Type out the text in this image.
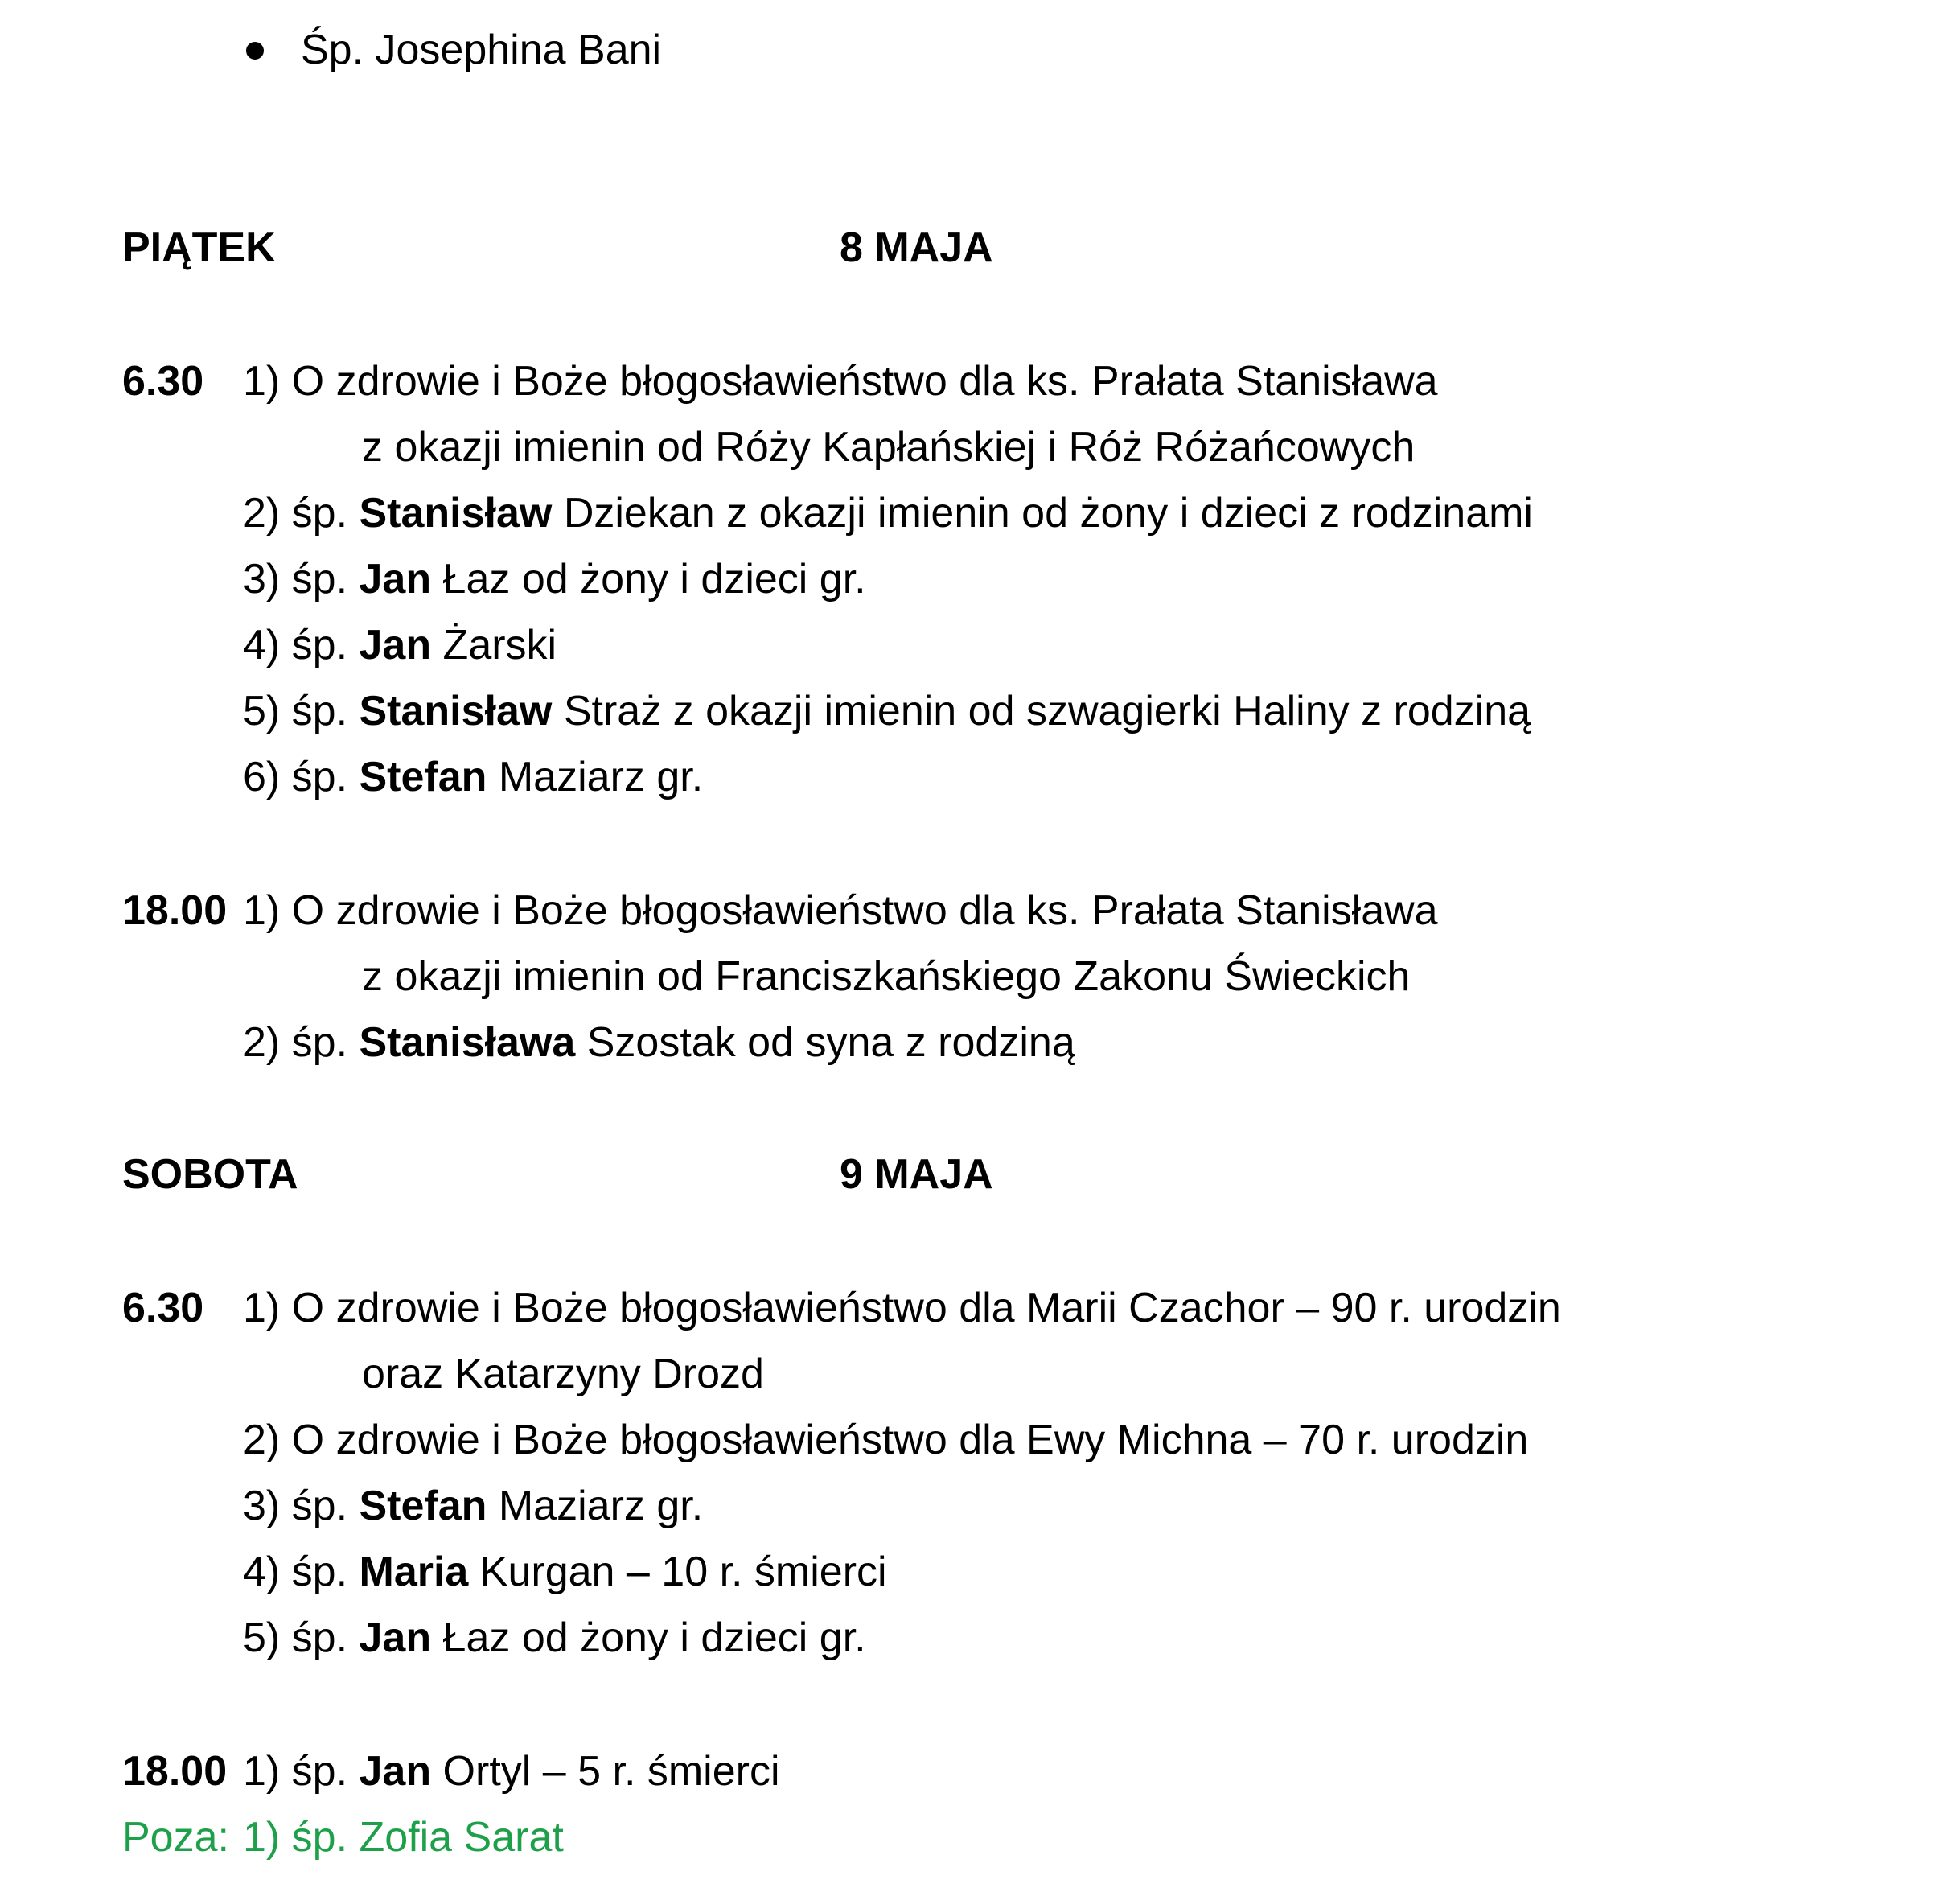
Śp. Josephina Bani
PIĄTEK	8 MAJA
6.30 1) O zdrowie i Boże błogosławieństwo dla ks. Prałata Stanisława
z okazji imienin od Róży Kapłańskiej i Róż Różańcowych
2) śp. Stanisław Dziekan z okazji imienin od żony i dzieci z rodzinami
3) śp. Jan Łaz od żony i dzieci gr.
4) śp. Jan Żarski
5) śp. Stanisław Straż z okazji imienin od szwagierki Haliny z rodziną
6) śp. Stefan Maziarz gr.
18.00 1) O zdrowie i Boże błogosławieństwo dla ks. Prałata Stanisława
z okazji imienin od Franciszkańskiego Zakonu Świeckich
2) śp. Stanisława Szostak od syna z rodziną
SOBOTA	9 MAJA
6.30 1) O zdrowie i Boże błogosławieństwo dla Marii Czachor – 90 r. urodzin
oraz Katarzyny Drozd
2) O zdrowie i Boże błogosławieństwo dla Ewy Michna – 70 r. urodzin
3) śp. Stefan Maziarz gr.
4) śp. Maria Kurgan – 10 r. śmierci
5) śp. Jan Łaz od żony i dzieci gr.
18.00 1) śp. Jan Ortyl – 5 r. śmierci
Poza: 1) śp. Zofia Sarat
